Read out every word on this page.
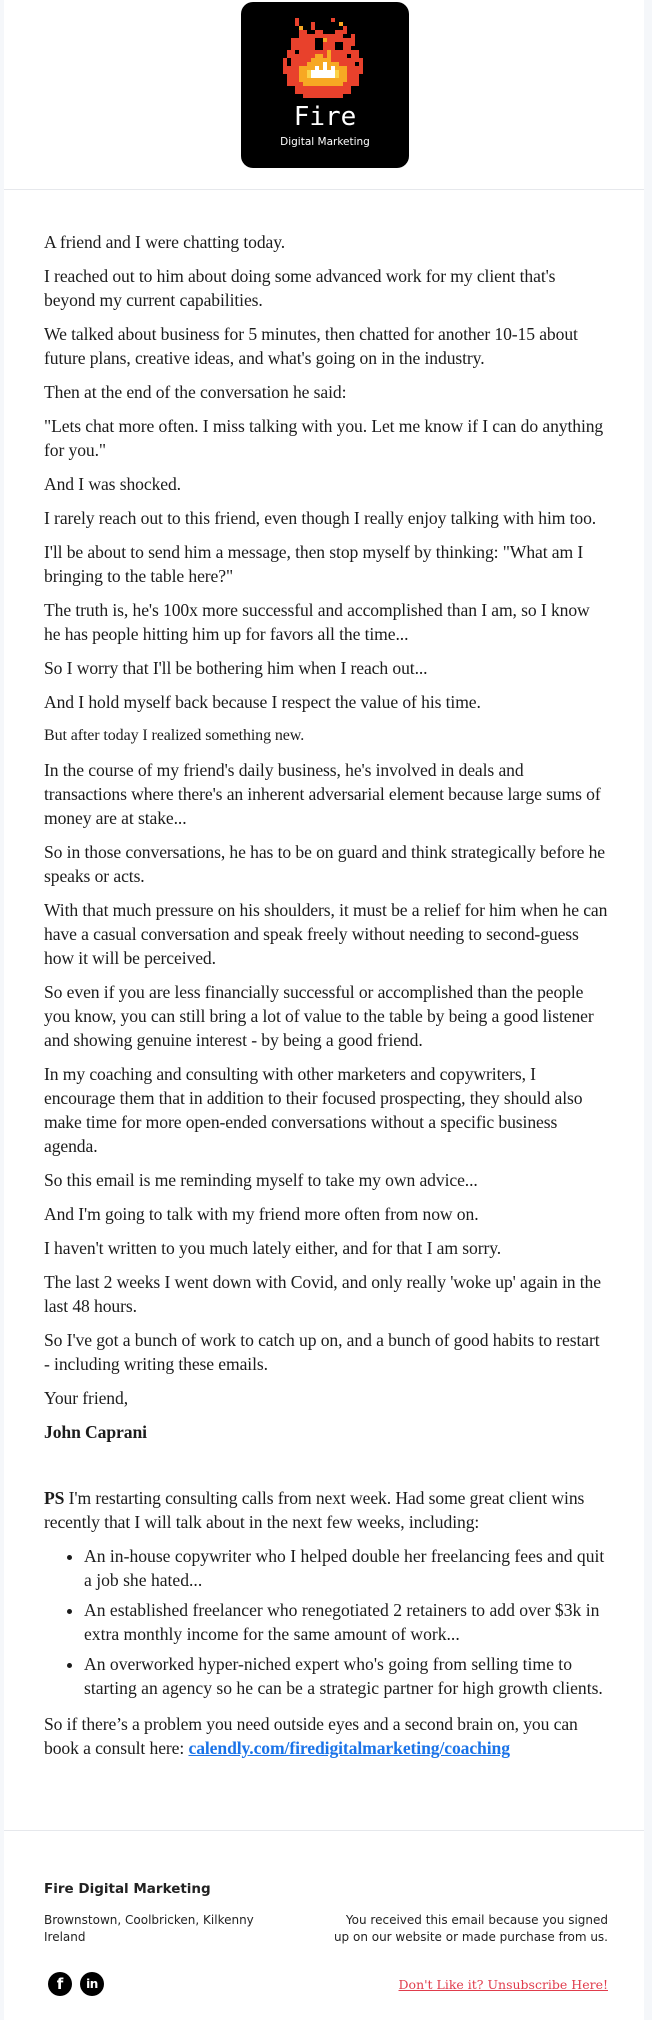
Fire
Digital Marketing

A friend and I were chatting today.

I reached out to him about doing some advanced work for my client that's beyond my current capabilities.

We talked about business for 5 minutes, then chatted for another 10-15 about future plans, creative ideas, and what's going on in the industry.

Then at the end of the conversation he said:

"Lets chat more often. I miss talking with you. Let me know if I can do anything for you."

And I was shocked.

I rarely reach out to this friend, even though I really enjoy talking with him too.

I'll be about to send him a message, then stop myself by thinking: "What am I bringing to the table here?"

The truth is, he's 100x more successful and accomplished than I am, so I know he has people hitting him up for favors all the time...

So I worry that I'll be bothering him when I reach out...

And I hold myself back because I respect the value of his time.

But after today I realized something new.

In the course of my friend's daily business, he's involved in deals and transactions where there's an inherent adversarial element because large sums of money are at stake...

So in those conversations, he has to be on guard and think strategically before he speaks or acts.

With that much pressure on his shoulders, it must be a relief for him when he can have a casual conversation and speak freely without needing to second-guess how it will be perceived.

So even if you are less financially successful or accomplished than the people you know, you can still bring a lot of value to the table by being a good listener and showing genuine interest - by being a good friend.

In my coaching and consulting with other marketers and copywriters, I encourage them that in addition to their focused prospecting, they should also make time for more open-ended conversations without a specific business agenda.

So this email is me reminding myself to take my own advice...

And I'm going to talk with my friend more often from now on.

I haven't written to you much lately either, and for that I am sorry.

The last 2 weeks I went down with Covid, and only really 'woke up' again in the last 48 hours.

So I've got a bunch of work to catch up on, and a bunch of good habits to restart - including writing these emails.

Your friend,

John Caprani

PS I'm restarting consulting calls from next week. Had some great client wins recently that I will talk about in the next few weeks, including:

• An in-house copywriter who I helped double her freelancing fees and quit a job she hated...
• An established freelancer who renegotiated 2 retainers to add over $3k in extra monthly income for the same amount of work...
• An overworked hyper-niched expert who's going from selling time to starting an agency so he can be a strategic partner for high growth clients.

So if there’s a problem you need outside eyes and a second brain on, you can book a consult here: calendly.com/firedigitalmarketing/coaching

Fire Digital Marketing

Brownstown, Coolbricken, Kilkenny
Ireland
You received this email because you signed up on our website or made purchase from us.
f	in	Don't Like it? Unsubscribe Here!
